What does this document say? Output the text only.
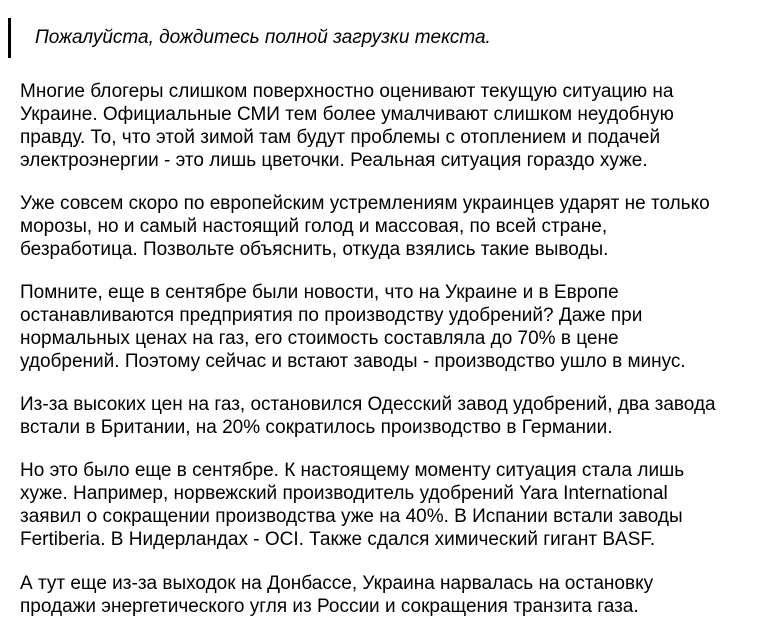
Пожалуйста, дождитесь полной загрузки текста.

Многие блогеры слишком поверхностно оценивают текущую ситуацию на
Украине. Официальные СМИ тем более умалчивают слишком неудобную
правду. То, что этой зимой там будут проблемы с отоплением и подачей
электроэнергии - это лишь цветочки. Реальная ситуация гораздо хуже.

Уже совсем скоро по европейским устремлениям украинцев ударят не только
морозы, но и самый настоящий голод и массовая, по всей стране,
безработица. Позвольте объяснить, откуда взялись такие выводы.

Помните, еще в сентябре были новости, что на Украине и в Европе
останавливаются предприятия по производству удобрений? Даже при
нормальных ценах на газ, его стоимость составляла до 70% в цене
удобрений. Поэтому сейчас и встают заводы - производство ушло в минус.

Из-за высоких цен на газ, остановился Одесский завод удобрений, два завода
встали в Британии, на 20% сократилось производство в Германии.

Но это было еще в сентябре. К настоящему моменту ситуация стала лишь
хуже. Например, норвежский производитель удобрений Yara International
заявил о сокращении производства уже на 40%. В Испании встали заводы
Fertiberia. В Нидерландах - OCI. Также сдался химический гигант BASF.

А тут еще из-за выходок на Донбассе, Украина нарвалась на остановку
продажи энергетического угля из России и сокращения транзита газа.
